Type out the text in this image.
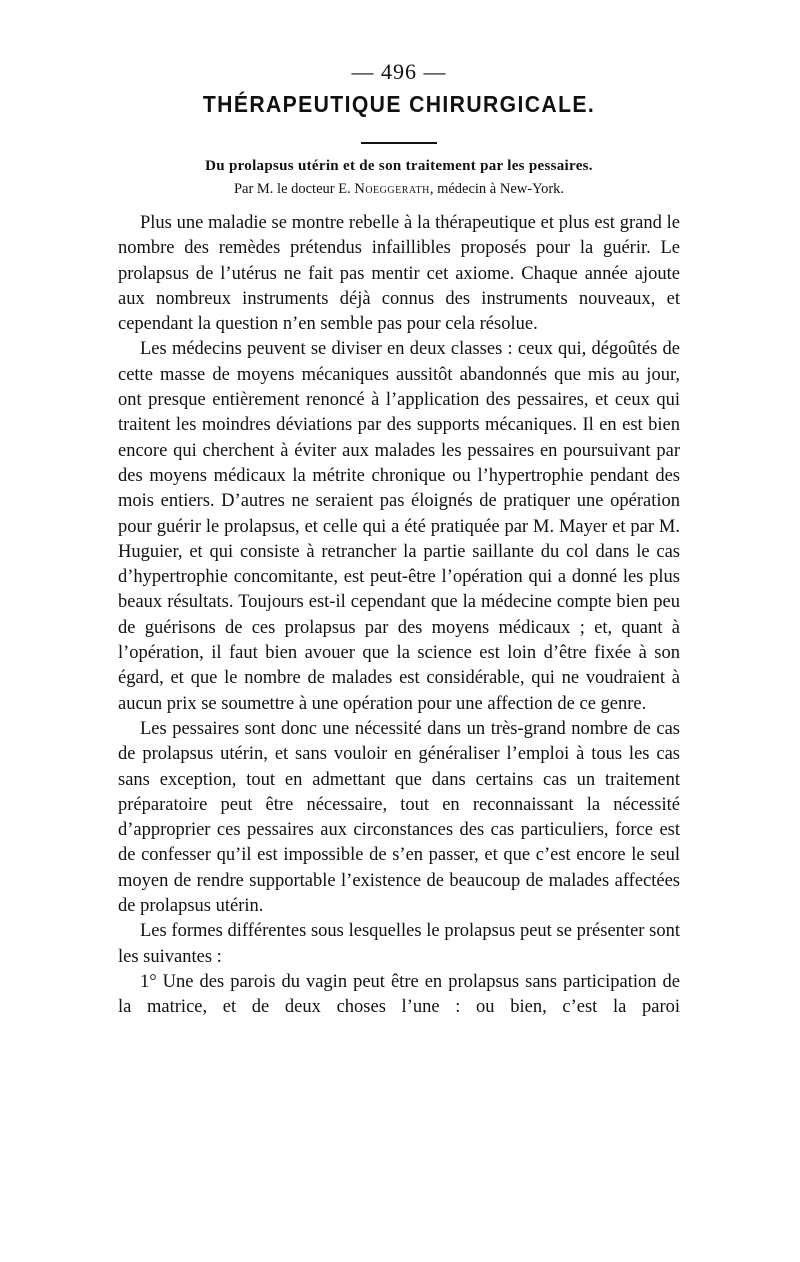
— 496 —
THÉRAPEUTIQUE CHIRURGICALE.
Du prolapsus utérin et de son traitement par les pessaires.
Par M. le docteur E. Noeggerath, médecin à New-York.

Plus une maladie se montre rebelle à la thérapeutique et plus est grand le nombre des remèdes prétendus infaillibles proposés pour la guérir. Le prolapsus de l’utérus ne fait pas mentir cet axiome. Chaque année ajoute aux nombreux instruments déjà connus des instruments nouveaux, et cependant la question n’en semble pas pour cela résolue.

Les médecins peuvent se diviser en deux classes : ceux qui, dégoûtés de cette masse de moyens mécaniques aussitôt abandonnés que mis au jour, ont presque entièrement renoncé à l’application des pessaires, et ceux qui traitent les moindres déviations par des supports mécaniques. Il en est bien encore qui cherchent à éviter aux malades les pessaires en poursuivant par des moyens médicaux la métrite chronique ou l’hypertrophie pendant des mois entiers. D’autres ne seraient pas éloignés de pratiquer une opération pour guérir le prolapsus, et celle qui a été pratiquée par M. Mayer et par M. Huguier, et qui consiste à retrancher la partie saillante du col dans le cas d’hypertrophie concomitante, est peut-être l’opération qui a donné les plus beaux résultats. Toujours est-il cependant que la médecine compte bien peu de guérisons de ces prolapsus par des moyens médicaux ; et, quant à l’opération, il faut bien avouer que la science est loin d’être fixée à son égard, et que le nombre de malades est considérable, qui ne voudraient à aucun prix se soumettre à une opération pour une affection de ce genre.

Les pessaires sont donc une nécessité dans un très-grand nombre de cas de prolapsus utérin, et sans vouloir en généraliser l’emploi à tous les cas sans exception, tout en admettant que dans certains cas un traitement préparatoire peut être nécessaire, tout en reconnaissant la nécessité d’approprier ces pessaires aux circonstances des cas particuliers, force est de confesser qu’il est impossible de s’en passer, et que c’est encore le seul moyen de rendre supportable l’existence de beaucoup de malades affectées de prolapsus utérin.

Les formes différentes sous lesquelles le prolapsus peut se présenter sont les suivantes :

1° Une des parois du vagin peut être en prolapsus sans participation de la matrice, et de deux choses l’une : ou bien, c’est la paroi
